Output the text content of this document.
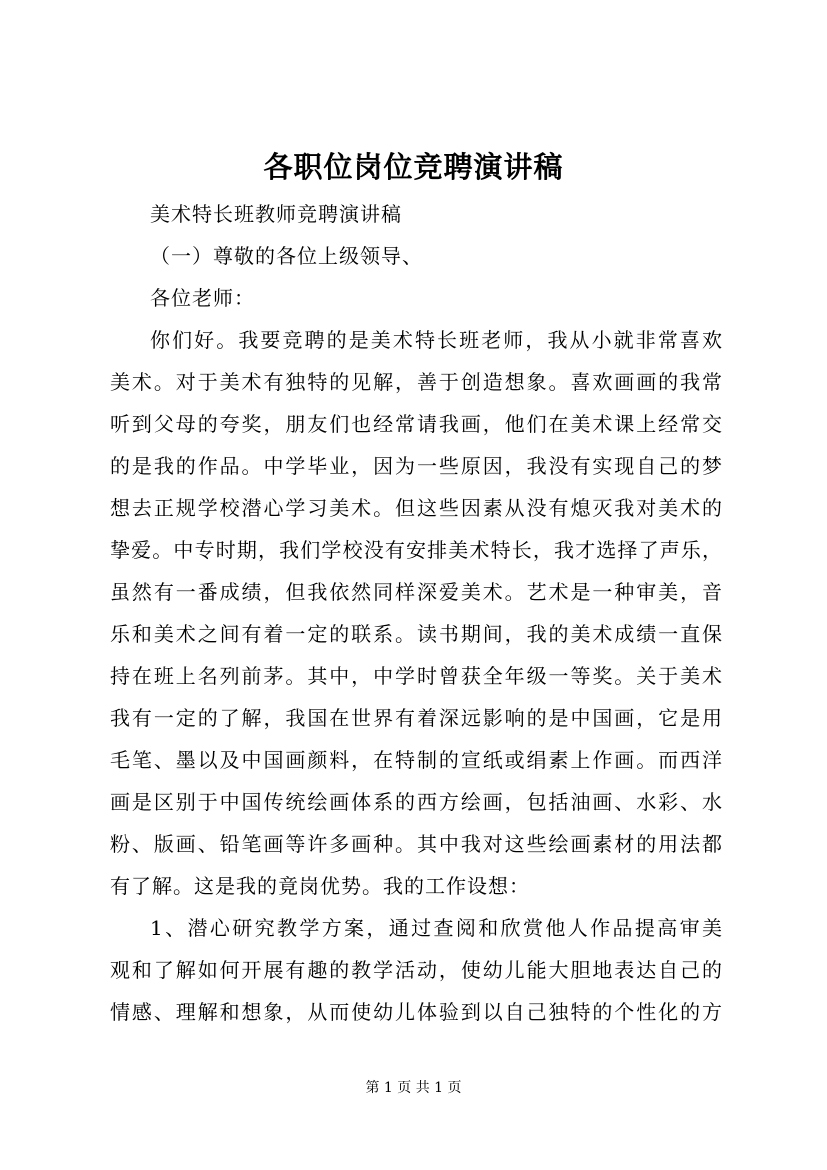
各职位岗位竞聘演讲稿
美术特长班教师竞聘演讲稿
（一）尊敬的各位上级领导、
各位老师：
你们好。我要竞聘的是美术特长班老师，我从小就非常喜欢
美术。对于美术有独特的见解，善于创造想象。喜欢画画的我常
听到父母的夸奖，朋友们也经常请我画，他们在美术课上经常交
的是我的作品。中学毕业，因为一些原因，我没有实现自己的梦
想去正规学校潜心学习美术。但这些因素从没有熄灭我对美术的
挚爱。中专时期，我们学校没有安排美术特长，我才选择了声乐，
虽然有一番成绩，但我依然同样深爱美术。艺术是一种审美，音
乐和美术之间有着一定的联系。读书期间，我的美术成绩一直保
持在班上名列前茅。其中，中学时曾获全年级一等奖。关于美术
我有一定的了解，我国在世界有着深远影响的是中国画，它是用
毛笔、墨以及中国画颜料，在特制的宣纸或绢素上作画。而西洋
画是区别于中国传统绘画体系的西方绘画，包括油画、水彩、水
粉、版画、铅笔画等许多画种。其中我对这些绘画素材的用法都
有了解。这是我的竟岗优势。我的工作设想：
1、潜心研究教学方案，通过查阅和欣赏他人作品提高审美
观和了解如何开展有趣的教学活动，使幼儿能大胆地表达自己的
情感、理解和想象，从而使幼儿体验到以自己独特的个性化的方
第 1 页 共 1 页
